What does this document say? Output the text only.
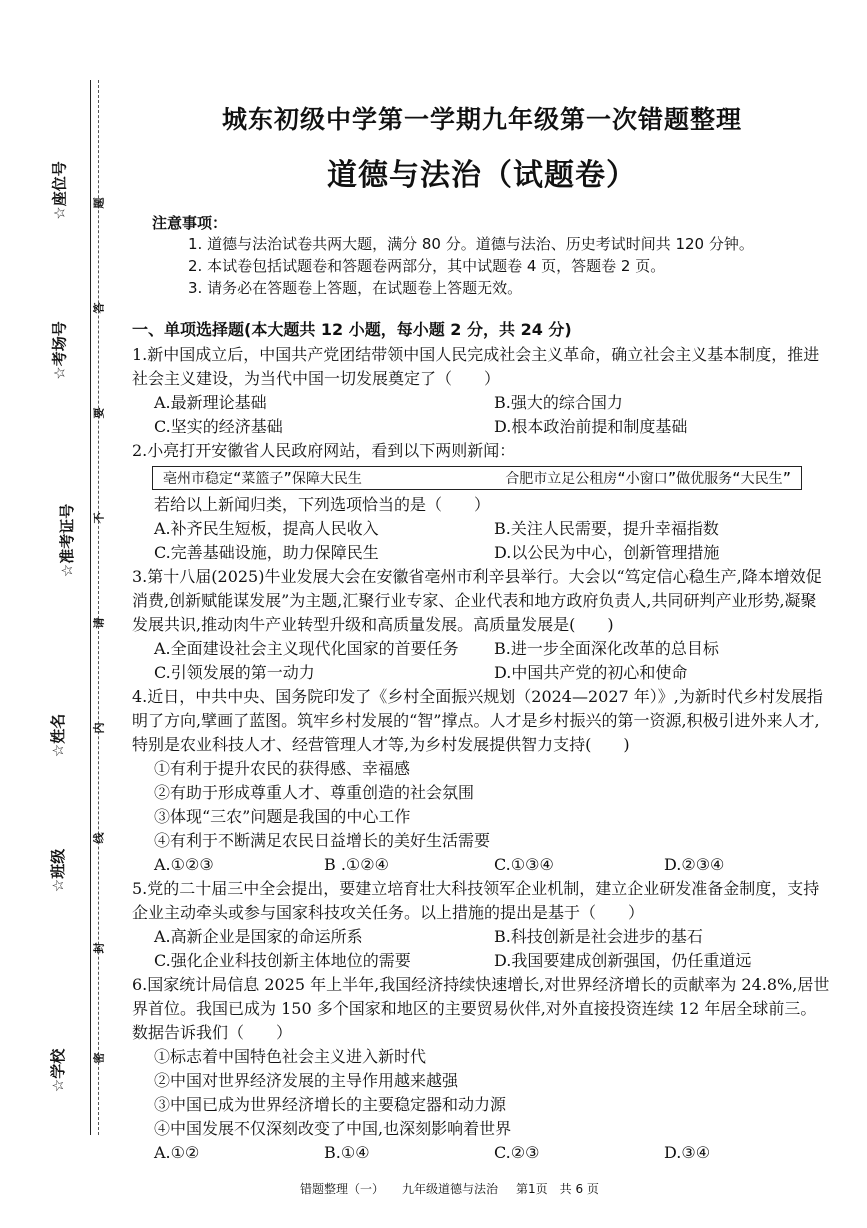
☆座位号
☆考场号
☆准考证号
☆姓名
☆班级
☆学校
题
答
要
不
请
内
线
封
密
城东初级中学第一学期九年级第一次错题整理
道德与法治（试题卷）
注意事项：
1. 道德与法治试卷共两大题，满分 80 分。道德与法治、历史考试时间共 120 分钟。
2. 本试卷包括试题卷和答题卷两部分，其中试题卷 4 页，答题卷 2 页。
3. 请务必在答题卷上答题，在试题卷上答题无效。
一、单项选择题(本大题共 12 小题，每小题 2 分，共 24 分)
1.新中国成立后，中国共产党团结带领中国人民完成社会主义革命，确立社会主义基本制度，推进社会主义建设，为当代中国一切发展奠定了（　　）
A.最新理论基础	B.强大的综合国力
C.坚实的经济基础	D.根本政治前提和制度基础
2.小亮打开安徽省人民政府网站，看到以下两则新闻：
亳州市稳定“菜篮子”保障大民生	合肥市立足公租房“小窗口”做优服务“大民生”
若给以上新闻归类，下列选项恰当的是（　　）
A.补齐民生短板，提高人民收入	B.关注人民需要，提升幸福指数
C.完善基础设施，助力保障民生	D.以公民为中心，创新管理措施
3.第十八届(2025)牛业发展大会在安徽省亳州市利辛县举行。大会以“笃定信心稳生产,降本增效促消费,创新赋能谋发展”为主题,汇聚行业专家、企业代表和地方政府负责人,共同研判产业形势,凝聚发展共识,推动肉牛产业转型升级和高质量发展。高质量发展是(　　)
A.全面建设社会主义现代化国家的首要任务	B.进一步全面深化改革的总目标
C.引领发展的第一动力	D.中国共产党的初心和使命
4.近日，中共中央、国务院印发了《乡村全面振兴规划（2024—2027 年）》,为新时代乡村发展指明了方向,擘画了蓝图。筑牢乡村发展的“智”撑点。人才是乡村振兴的第一资源,积极引进外来人才,特别是农业科技人才、经营管理人才等,为乡村发展提供智力支持(　　)
①有利于提升农民的获得感、幸福感
②有助于形成尊重人才、尊重创造的社会氛围
③体现“三农”问题是我国的中心工作
④有利于不断满足农民日益增长的美好生活需要
A.①②③	B .①②④	C.①③④	D.②③④
5.党的二十届三中全会提出，要建立培育壮大科技领军企业机制，建立企业研发准备金制度，支持企业主动牵头或参与国家科技攻关任务。以上措施的提出是基于（　　）
A.高新企业是国家的命运所系	B.科技创新是社会进步的基石
C.强化企业科技创新主体地位的需要	D.我国要建成创新强国，仍任重道远
6.国家统计局信息 2025 年上半年,我国经济持续快速增长,对世界经济增长的贡献率为 24.8%,居世界首位。我国已成为 150 多个国家和地区的主要贸易伙伴,对外直接投资连续 12 年居全球前三。数据告诉我们（　　）
①标志着中国特色社会主义进入新时代
②中国对世界经济发展的主导作用越来越强
③中国已成为世界经济增长的主要稳定器和动力源
④中国发展不仅深刻改变了中国,也深刻影响着世界
A.①②	B.①④	C.②③	D.③④
错题整理（一） 九年级道德与法治 第1页　共 6 页
